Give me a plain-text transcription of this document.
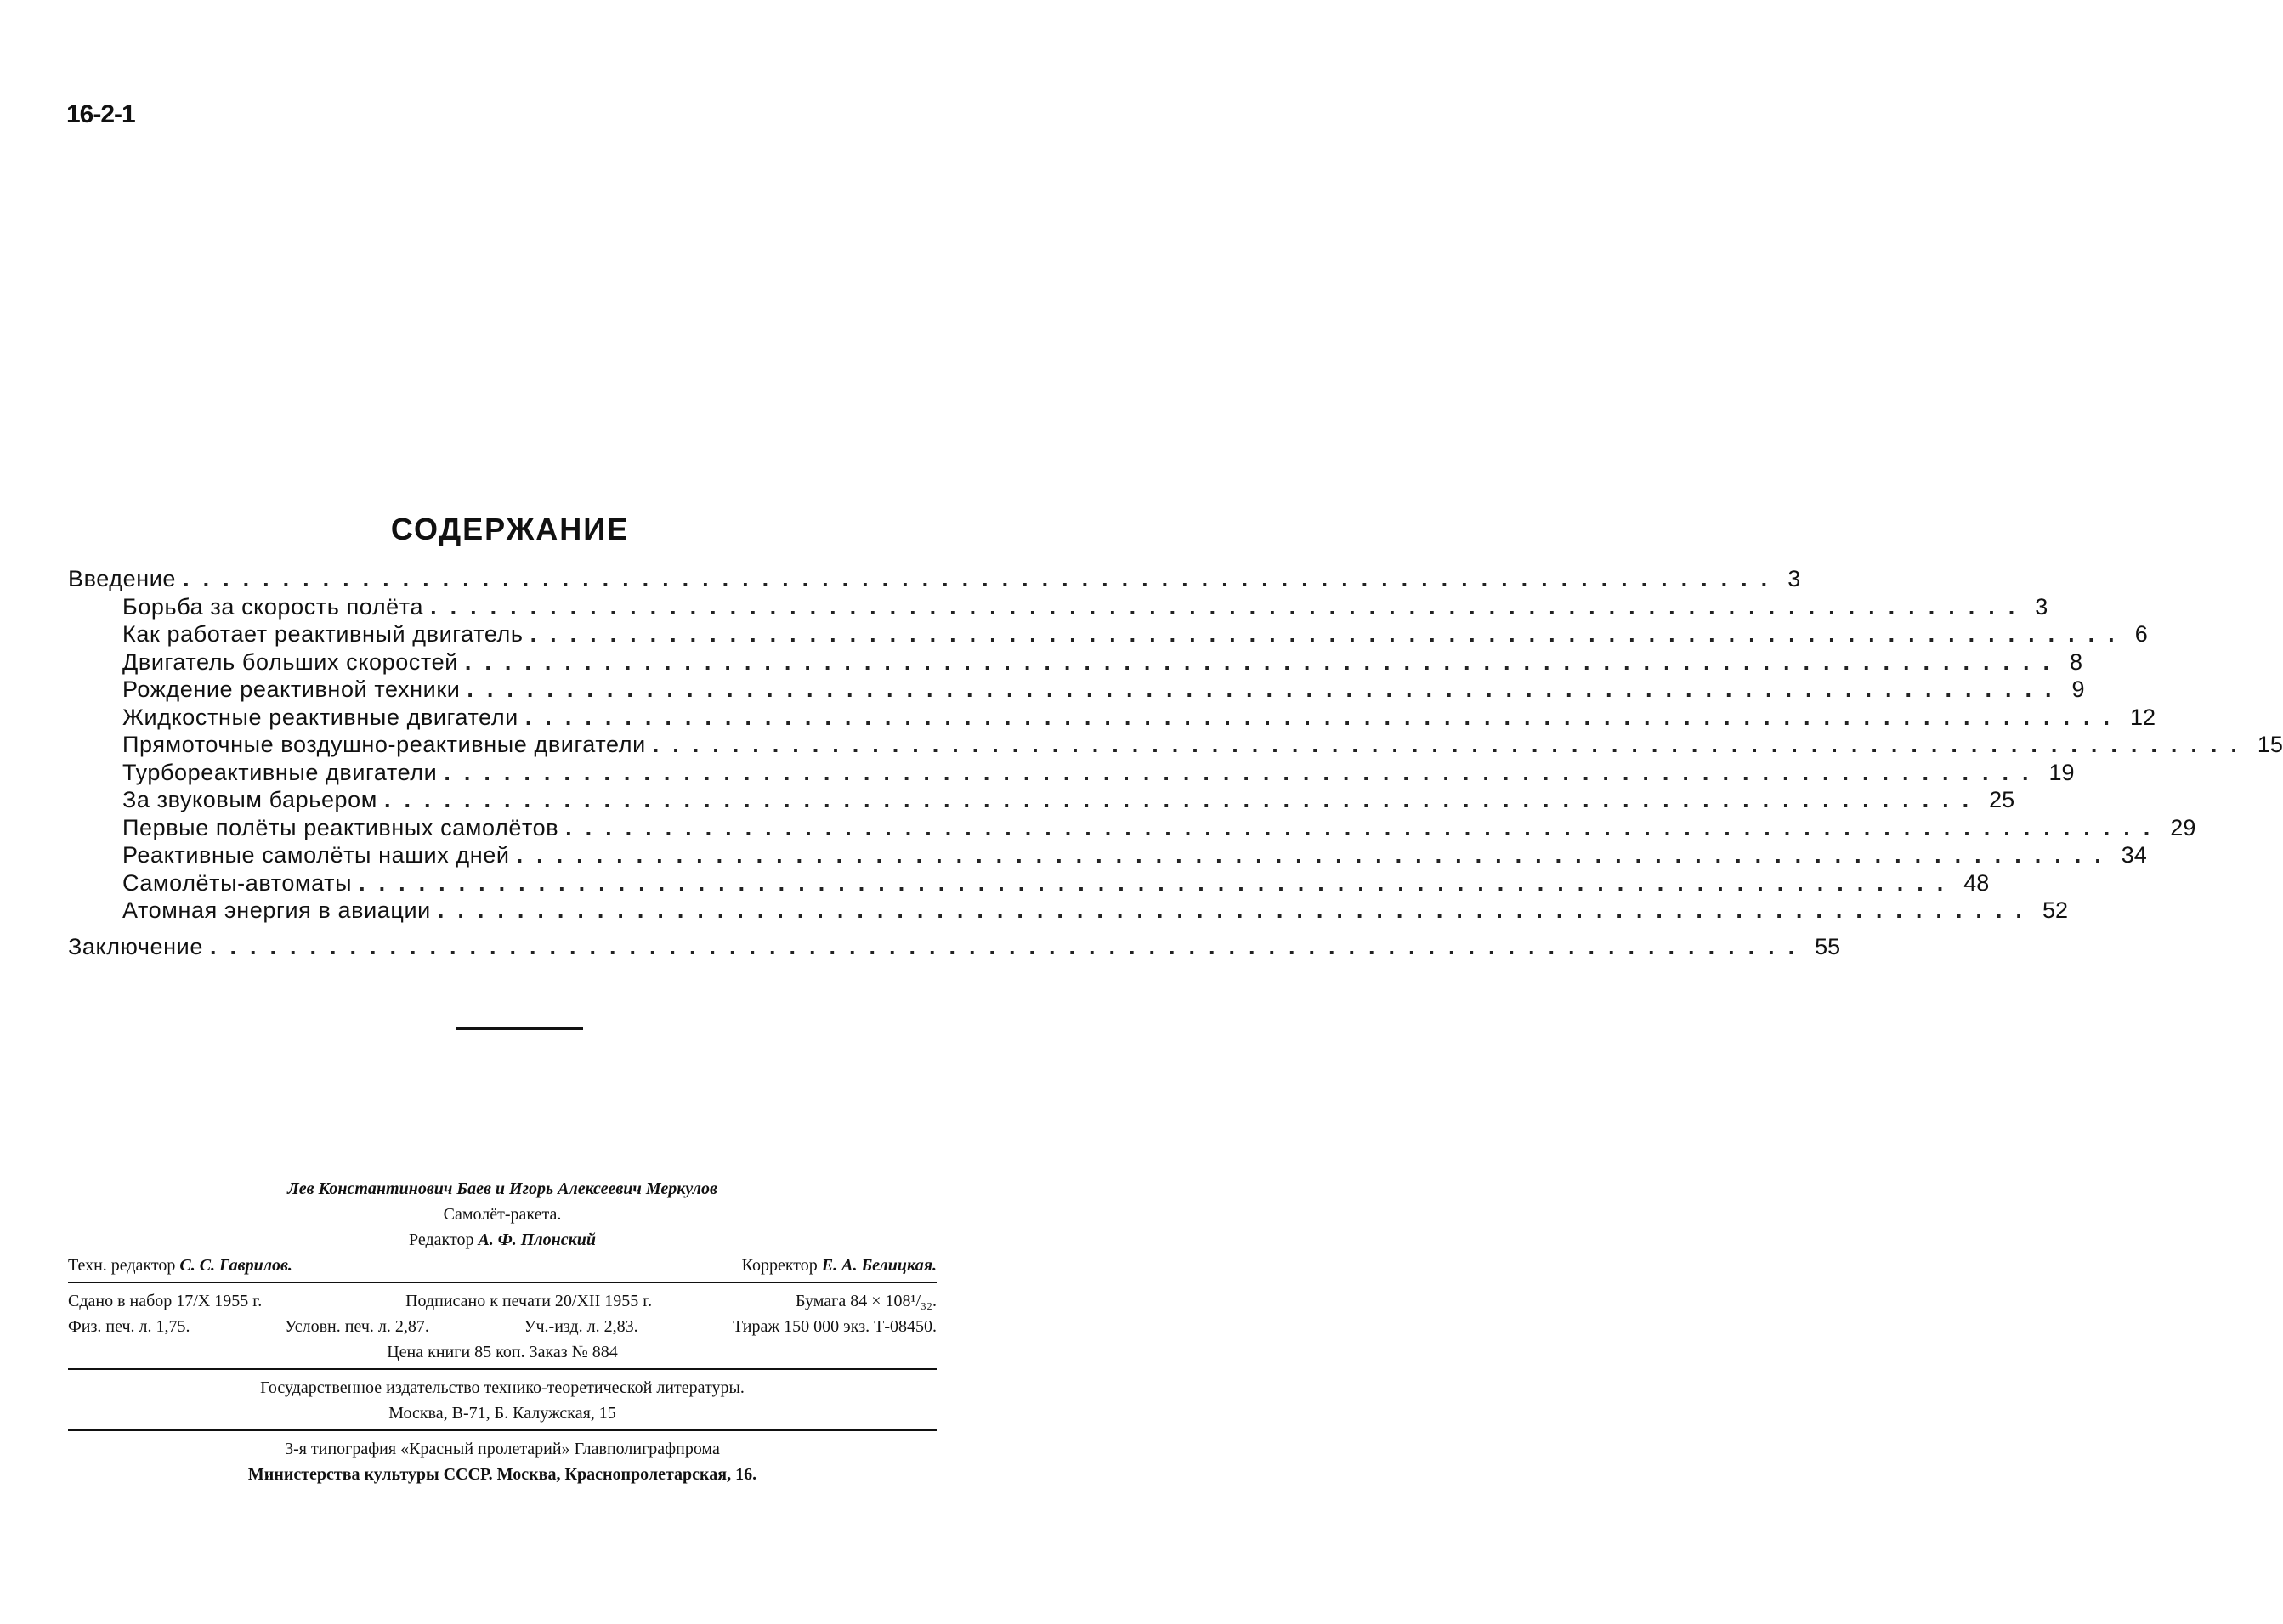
16-2-1
СОДЕРЖАНИЕ
Введение ................................................................................ 3
Борьба за скорость полёта ................................................................................ 3
Как работает реактивный двигатель ................................................................................ 6
Двигатель больших скоростей ................................................................................ 8
Рождение реактивной техники ................................................................................ 9
Жидкостные реактивные двигатели ................................................................................ 12
Прямоточные воздушно-реактивные двигатели ................................................................................ 15
Турбореактивные двигатели ................................................................................ 19
За звуковым барьером ................................................................................ 25
Первые полёты реактивных самолётов ................................................................................ 29
Реактивные самолёты наших дней ................................................................................ 34
Самолёты-автоматы ................................................................................ 48
Атомная энергия в авиации ................................................................................ 52
Заключение ................................................................................ 55
Лев Константинович Баев и Игорь Алексеевич Меркулов
Самолёт-ракета.
Редактор А. Ф. Плонский
Техн. редактор С. С. Гаврилов.	Корректор Е. А. Белицкая.
Сдано в набор 17/X 1955 г.	Подписано к печати 20/XII 1955 г.	Бумага 84 × 108¹/₃₂.
Физ. печ. л. 1,75.	Условн. печ. л. 2,87.	Уч.-изд. л. 2,83.	Тираж 150 000 экз. Т-08450.
Цена книги 85 коп. Заказ № 884
Государственное издательство технико-теоретической литературы.
Москва, В-71, Б. Калужская, 15
3-я типография «Красный пролетарий» Главполиграфпрома
Министерства культуры СССР. Москва, Краснопролетарская, 16.
